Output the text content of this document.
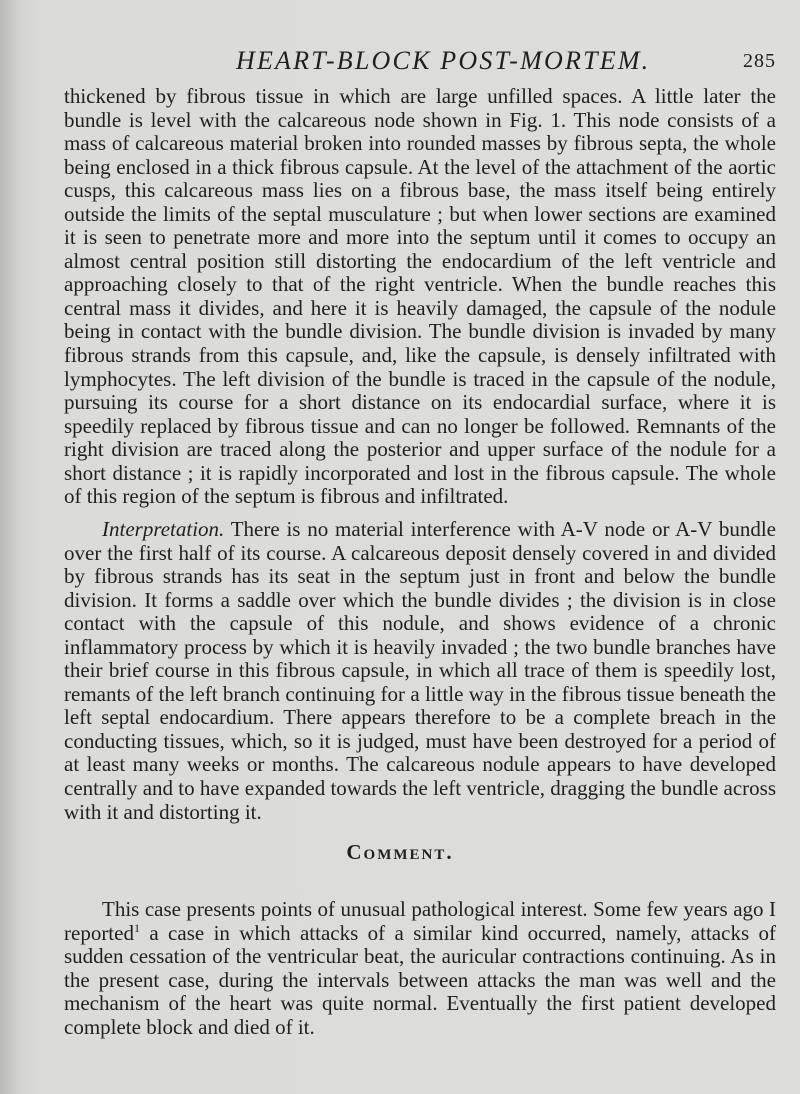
HEART-BLOCK POST-MORTEM.	285

thickened by fibrous tissue in which are large unfilled spaces. A little later the bundle is level with the calcareous node shown in Fig. 1. This node consists of a mass of calcareous material broken into rounded masses by fibrous septa, the whole being enclosed in a thick fibrous capsule. At the level of the attachment of the aortic cusps, this calcareous mass lies on a fibrous base, the mass itself being entirely outside the limits of the septal musculature ; but when lower sections are examined it is seen to penetrate more and more into the septum until it comes to occupy an almost central position still distorting the endocardium of the left ventricle and approaching closely to that of the right ventricle. When the bundle reaches this central mass it divides, and here it is heavily damaged, the capsule of the nodule being in contact with the bundle division. The bundle division is invaded by many fibrous strands from this capsule, and, like the capsule, is densely infiltrated with lymphocytes. The left division of the bundle is traced in the capsule of the nodule, pursuing its course for a short distance on its endocardial surface, where it is speedily replaced by fibrous tissue and can no longer be followed. Remnants of the right division are traced along the posterior and upper surface of the nodule for a short distance ; it is rapidly incorporated and lost in the fibrous capsule. The whole of this region of the septum is fibrous and infiltrated.

Interpretation. There is no material interference with A-V node or A-V bundle over the first half of its course. A calcareous deposit densely covered in and divided by fibrous strands has its seat in the septum just in front and below the bundle division. It forms a saddle over which the bundle divides ; the division is in close contact with the capsule of this nodule, and shows evidence of a chronic inflammatory process by which it is heavily invaded ; the two bundle branches have their brief course in this fibrous capsule, in which all trace of them is speedily lost, remants of the left branch continuing for a little way in the fibrous tissue beneath the left septal endocardium. There appears therefore to be a complete breach in the conducting tissues, which, so it is judged, must have been destroyed for a period of at least many weeks or months. The calcareous nodule appears to have developed centrally and to have expanded towards the left ventricle, dragging the bundle across with it and distorting it.

Comment.

This case presents points of unusual pathological interest. Some few years ago I reported$^1$ a case in which attacks of a similar kind occurred, namely, attacks of sudden cessation of the ventricular beat, the auricular contractions continuing. As in the present case, during the intervals between attacks the man was well and the mechanism of the heart was quite normal. Eventually the first patient developed complete block and died of it.
